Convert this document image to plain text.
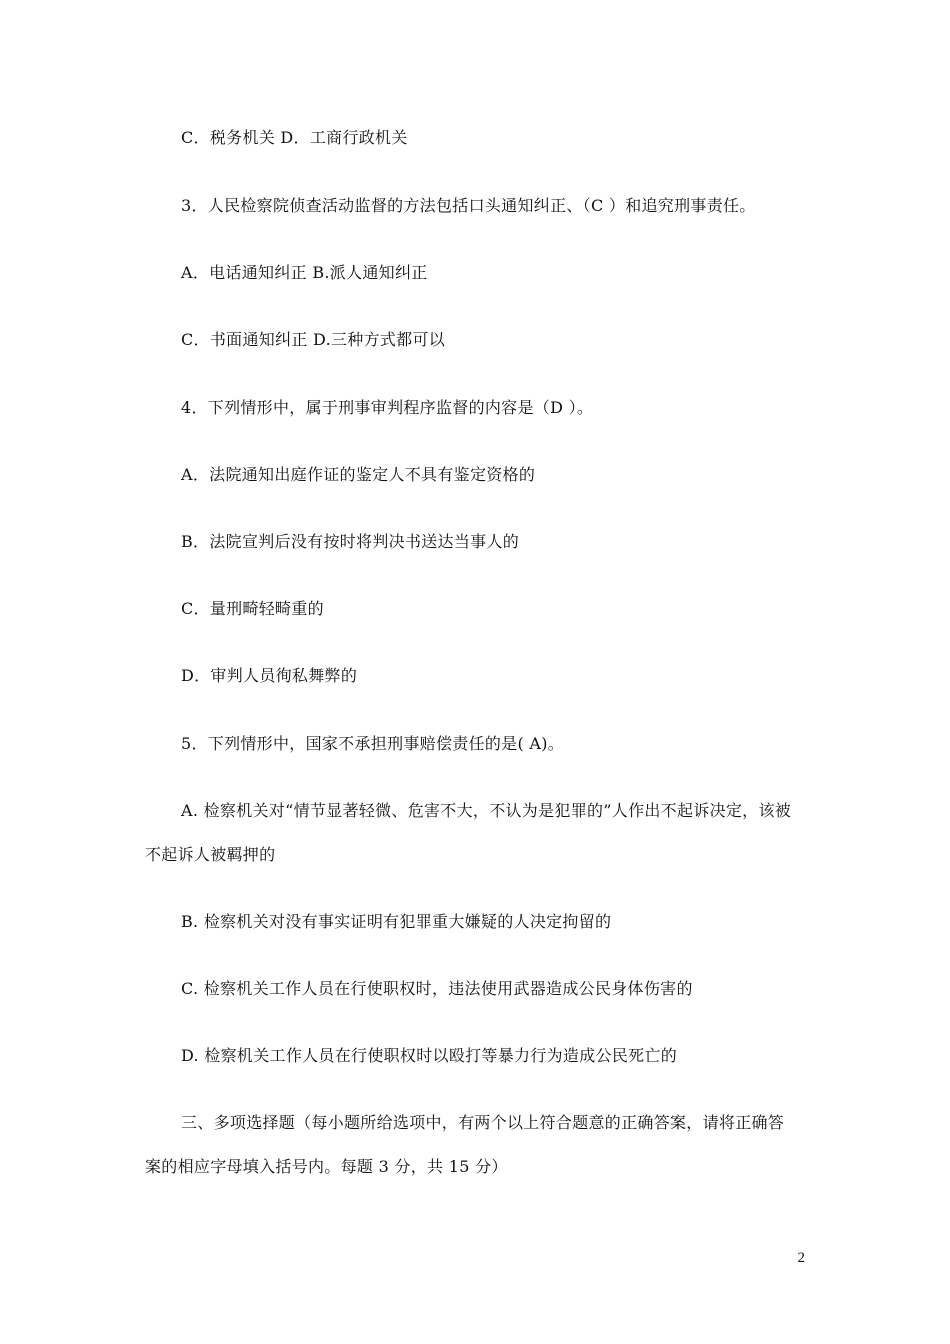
C．税务机关 D．工商行政机关
3．人民检察院侦查活动监督的方法包括口头通知纠正、（C ）和追究刑事责任。
A．电话通知纠正 B.派人通知纠正
C．书面通知纠正 D.三种方式都可以
4．下列情形中，属于刑事审判程序监督的内容是（D ）。
A．法院通知出庭作证的鉴定人不具有鉴定资格的
B．法院宣判后没有按时将判决书送达当事人的
C．量刑畸轻畸重的
D．审判人员徇私舞弊的
5．下列情形中，国家不承担刑事赔偿责任的是( A)。
A. 检察机关对“情节显著轻微、危害不大，不认为是犯罪的”人作出不起诉决定，该被
不起诉人被羁押的
B. 检察机关对没有事实证明有犯罪重大嫌疑的人决定拘留的
C. 检察机关工作人员在行使职权时，违法使用武器造成公民身体伤害的
D. 检察机关工作人员在行使职权时以殴打等暴力行为造成公民死亡的
三、多项选择题（每小题所给选项中，有两个以上符合题意的正确答案，请将正确答
案的相应字母填入括号内。每题 3 分，共 15 分）
2
